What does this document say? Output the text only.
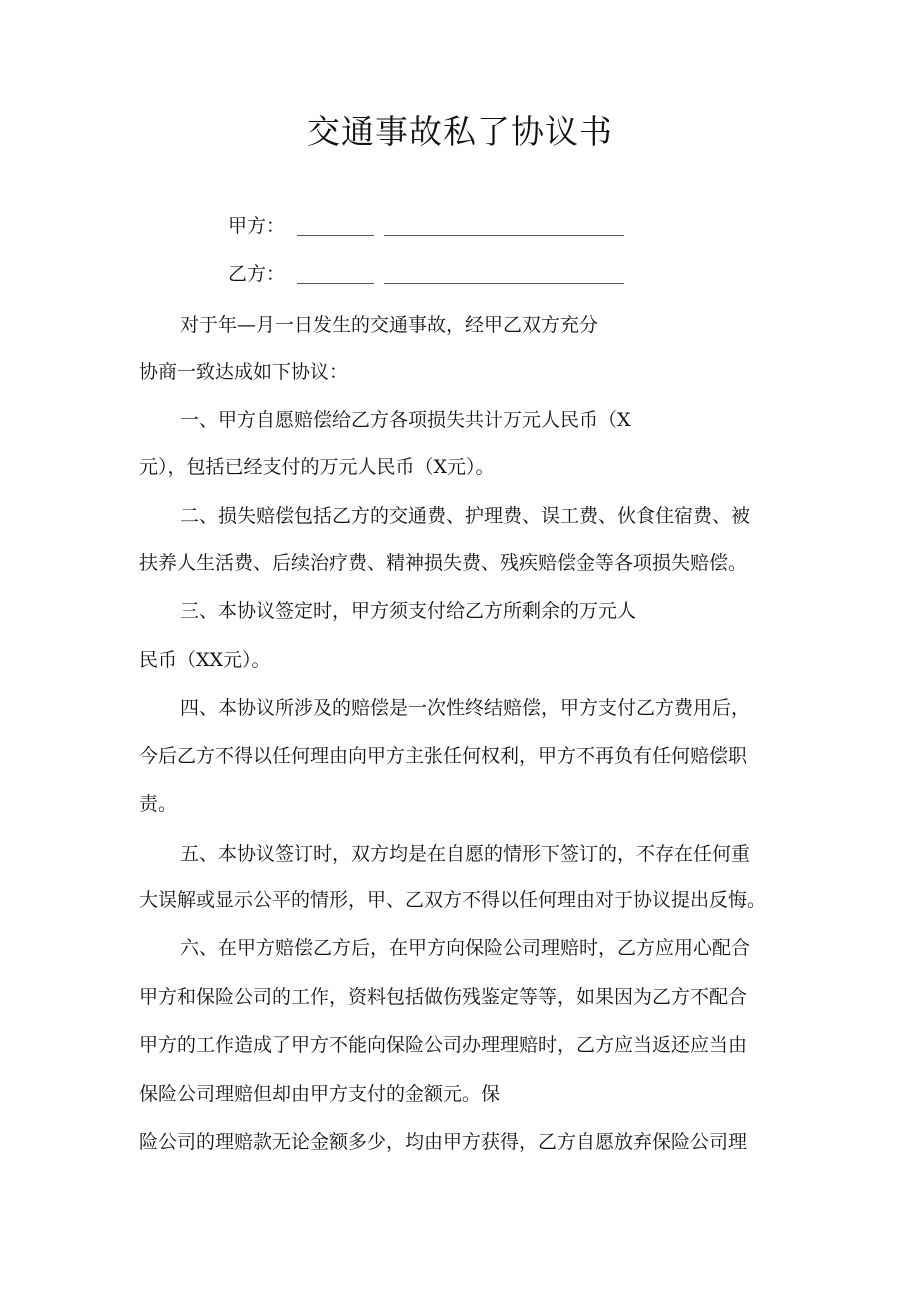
交通事故私了协议书
甲方：
乙方：
对于年—月一日发生的交通事故，经甲乙双方充分
协商一致达成如下协议：
一、甲方自愿赔偿给乙方各项损失共计万元人民币（X
元），包括已经支付的万元人民币（X元）。
二、损失赔偿包括乙方的交通费、护理费、误工费、伙食住宿费、被
扶养人生活费、后续治疗费、精神损失费、残疾赔偿金等各项损失赔偿。
三、本协议签定时，甲方须支付给乙方所剩余的万元人
民币（XX元）。
四、本协议所涉及的赔偿是一次性终结赔偿，甲方支付乙方费用后，
今后乙方不得以任何理由向甲方主张任何权利，甲方不再负有任何赔偿职
责。
五、本协议签订时，双方均是在自愿的情形下签订的，不存在任何重
大误解或显示公平的情形，甲、乙双方不得以任何理由对于协议提出反悔。
六、在甲方赔偿乙方后，在甲方向保险公司理赔时，乙方应用心配合
甲方和保险公司的工作，资料包括做伤残鉴定等等，如果因为乙方不配合
甲方的工作造成了甲方不能向保险公司办理理赔时，乙方应当返还应当由
保险公司理赔但却由甲方支付的金额元。保
险公司的理赔款无论金额多少，均由甲方获得，乙方自愿放弃保险公司理
